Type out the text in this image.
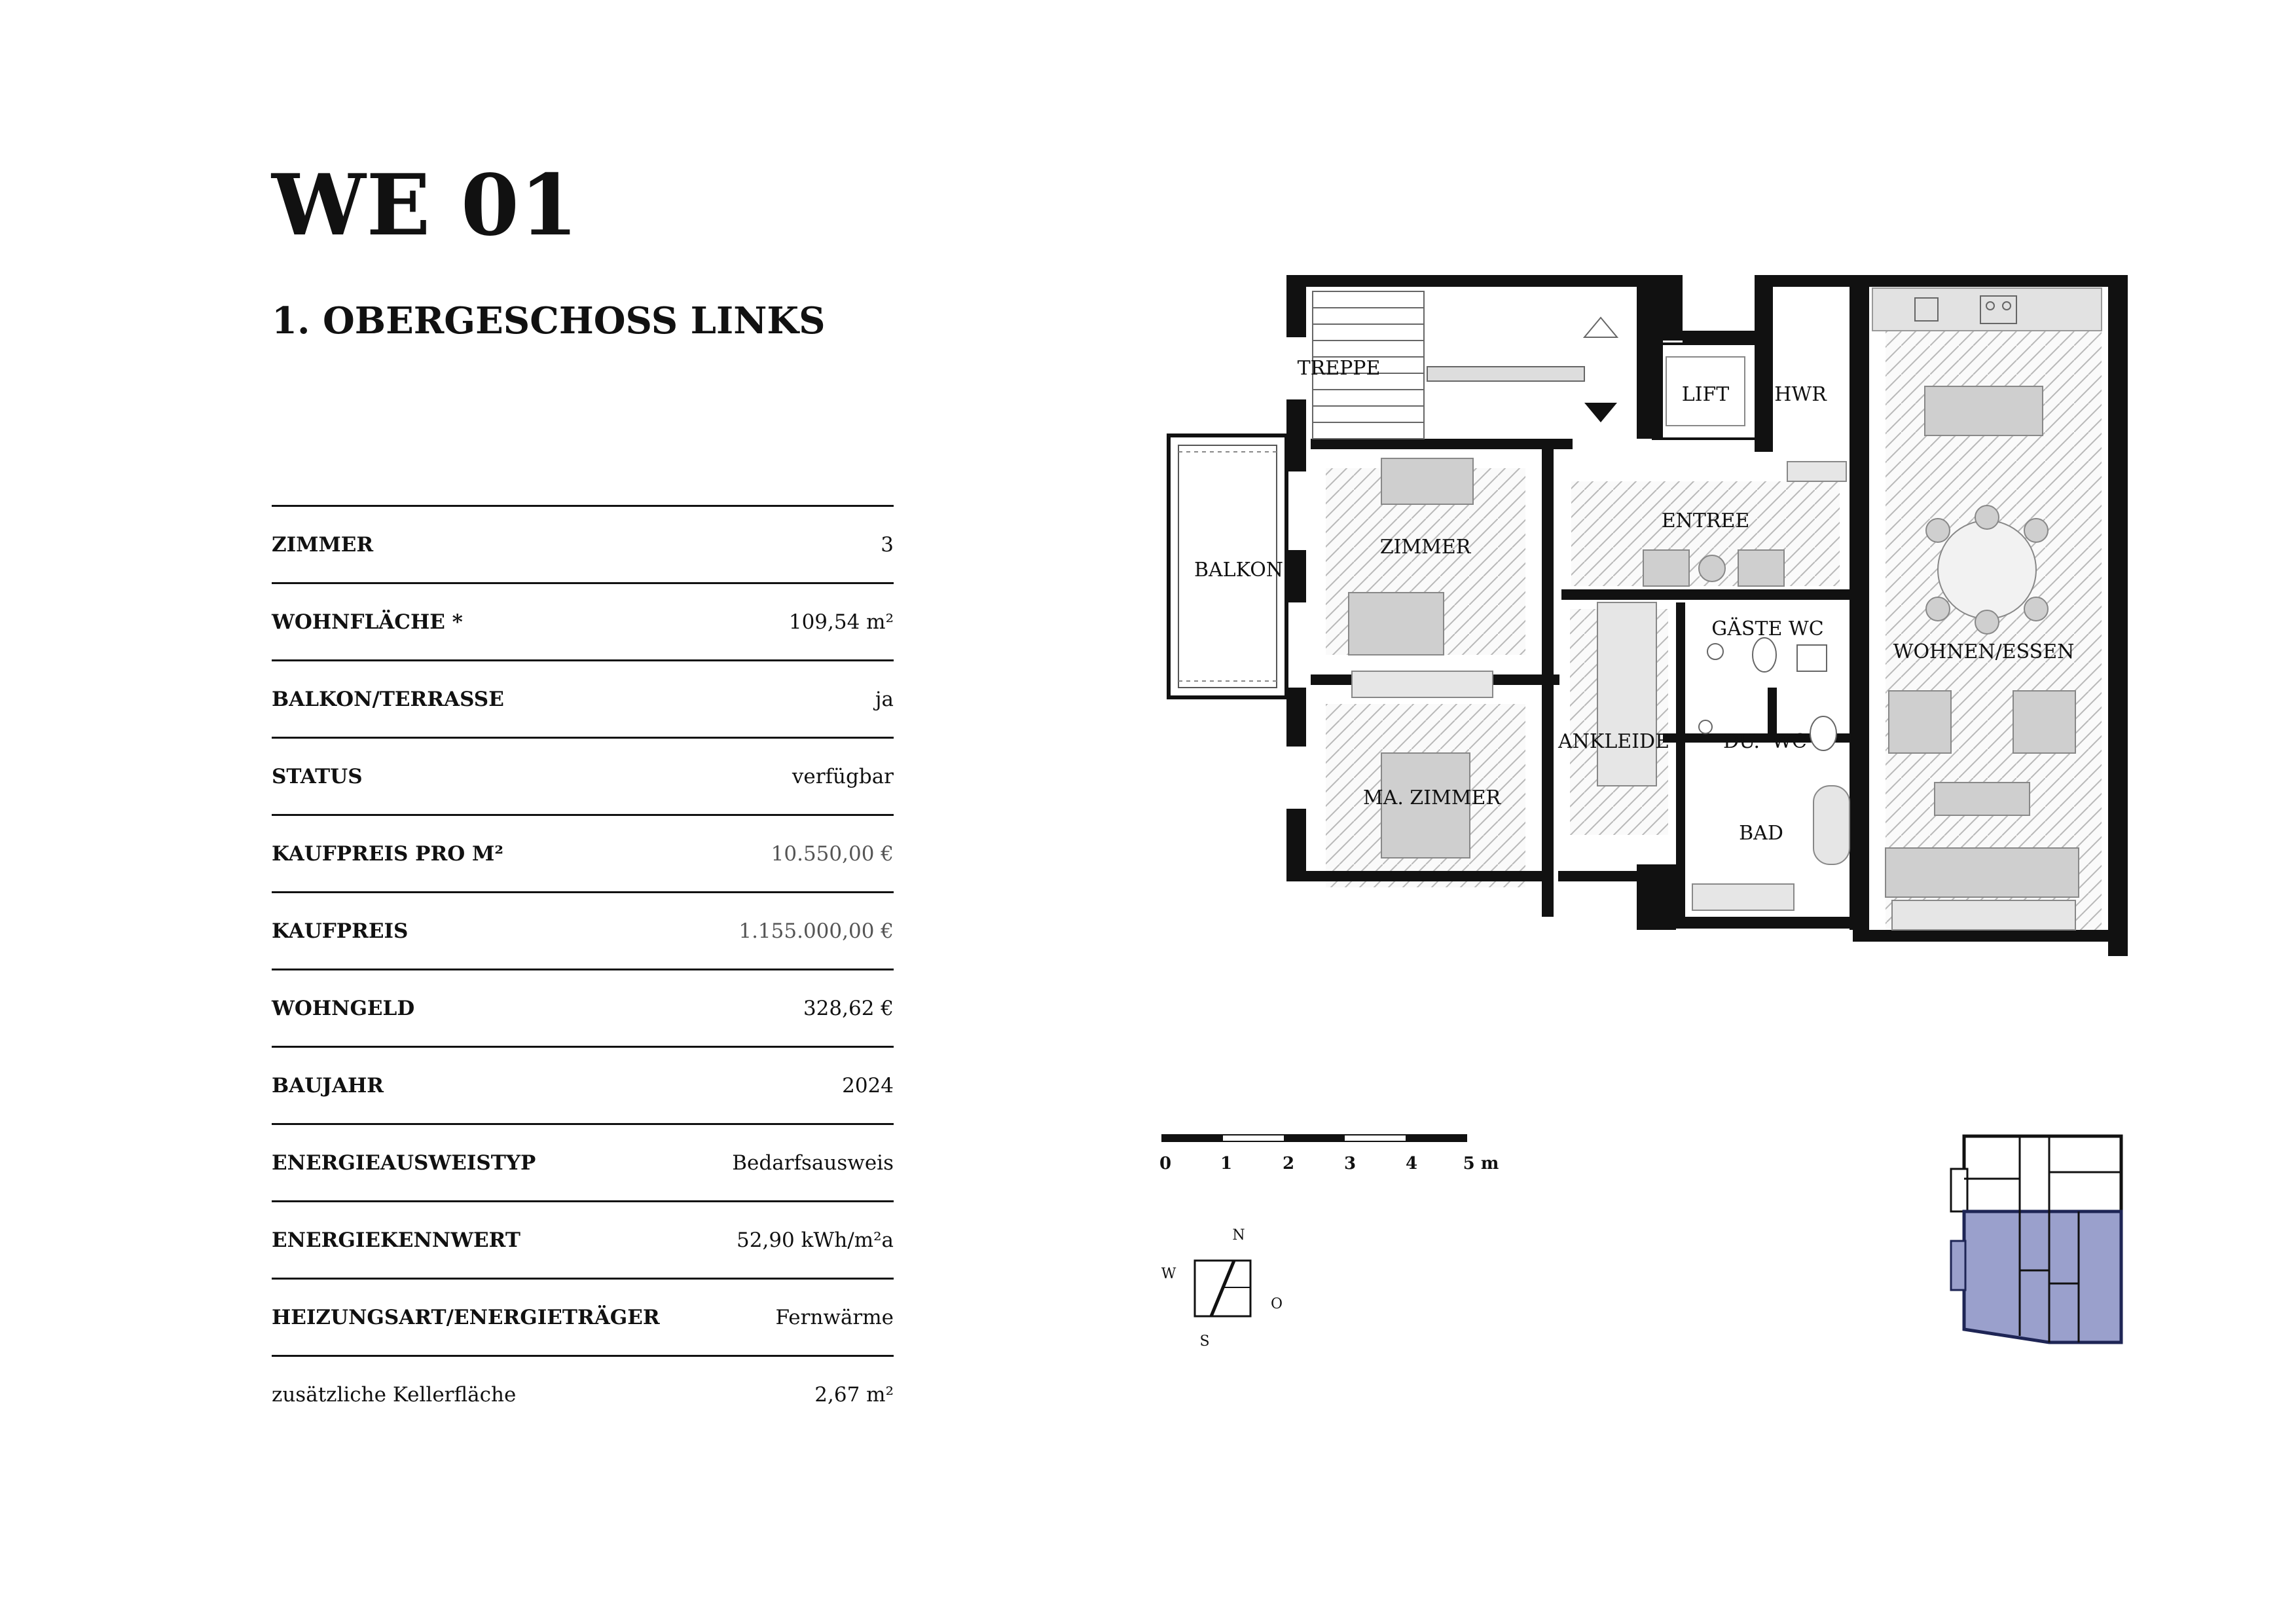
WE 01
1. OBERGESCHOSS LINKS
ZIMMER	3
WOHNFLÄCHE *	109,54 m²
BALKON/TERRASSE	ja
STATUS	verfügbar
KAUFPREIS PRO M²	10.550,00 €
KAUFPREIS	1.155.000,00 €
WOHNGELD	328,62 €
BAUJAHR	2024
ENERGIEAUSWEISTYP	Bedarfsausweis
ENERGIEKENNWERT	52,90 kWh/m²a
HEIZUNGSART/ENERGIETRÄGER	Fernwärme
zusätzliche Kellerfläche	2,67 m²
TREPPE
LIFT HWR
BALKON
ZIMMER
ENTREE
GÄSTE WC
WOHNEN/ESSEN
ANKLEIDE	DU. WC
MA. ZIMMER
BAD
0	1	2	3	4	5 m
N
W
O
S
